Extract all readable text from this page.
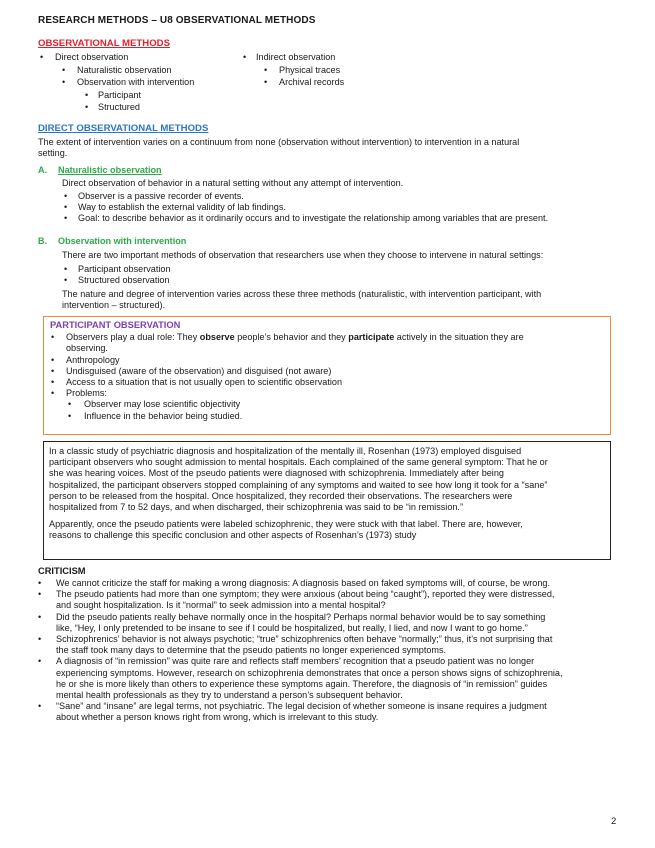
RESEARCH METHODS – U8 OBSERVATIONAL METHODS
OBSERVATIONAL METHODS
• Direct observation
• Naturalistic observation
• Observation with intervention
• Participant
• Structured
• Indirect observation
• Physical traces
• Archival records
DIRECT OBSERVATIONAL METHODS
The extent of intervention varies on a continuum from none (observation without intervention) to intervention in a natural
setting.
A. Naturalistic observation
Direct observation of behavior in a natural setting without any attempt of intervention.
• Observer is a passive recorder of events.
• Way to establish the external validity of lab findings.
• Goal: to describe behavior as it ordinarily occurs and to investigate the relationship among variables that are present.
B. Observation with intervention
There are two important methods of observation that researchers use when they choose to intervene in natural settings:
• Participant observation
• Structured observation
The nature and degree of intervention varies across these three methods (naturalistic, with intervention participant, with
intervention – structured).
PARTICIPANT OBSERVATION
• Observers play a dual role: They observe people’s behavior and they participate actively in the situation they are
observing.
• Anthropology
• Undisguised (aware of the observation) and disguised (not aware)
• Access to a situation that is not usually open to scientific observation
• Problems:
• Observer may lose scientific objectivity
• Influence in the behavior being studied.

In a classic study of psychiatric diagnosis and hospitalization of the mentally ill, Rosenhan (1973) employed disguised
participant observers who sought admission to mental hospitals. Each complained of the same general symptom: That he or
she was hearing voices. Most of the pseudo patients were diagnosed with schizophrenia. Immediately after being
hospitalized, the participant observers stopped complaining of any symptoms and waited to see how long it took for a “sane”
person to be released from the hospital. Once hospitalized, they recorded their observations. The researchers were
hospitalized from 7 to 52 days, and when discharged, their schizophrenia was said to be “in remission.”

Apparently, once the pseudo patients were labeled schizophrenic, they were stuck with that label. There are, however,
reasons to challenge this specific conclusion and other aspects of Rosenhan’s (1973) study

CRITICISM
• We cannot criticize the staff for making a wrong diagnosis: A diagnosis based on faked symptoms will, of course, be wrong.
• The pseudo patients had more than one symptom; they were anxious (about being “caught”), reported they were distressed,
and sought hospitalization. Is it “normal” to seek admission into a mental hospital?
• Did the pseudo patients really behave normally once in the hospital? Perhaps normal behavior would be to say something
like, “Hey, I only pretended to be insane to see if I could be hospitalized, but really, I lied, and now I want to go home.”
• Schizophrenics’ behavior is not always psychotic; “true” schizophrenics often behave “normally;” thus, it’s not surprising that
the staff took many days to determine that the pseudo patients no longer experienced symptoms.
• A diagnosis of “in remission” was quite rare and reflects staff members’ recognition that a pseudo patient was no longer
experiencing symptoms. However, research on schizophrenia demonstrates that once a person shows signs of schizophrenia,
he or she is more likely than others to experience these symptoms again. Therefore, the diagnosis of “in remission” guides
mental health professionals as they try to understand a person’s subsequent behavior.
• “Sane” and “insane” are legal terms, not psychiatric. The legal decision of whether someone is insane requires a judgment
about whether a person knows right from wrong, which is irrelevant to this study.
2
